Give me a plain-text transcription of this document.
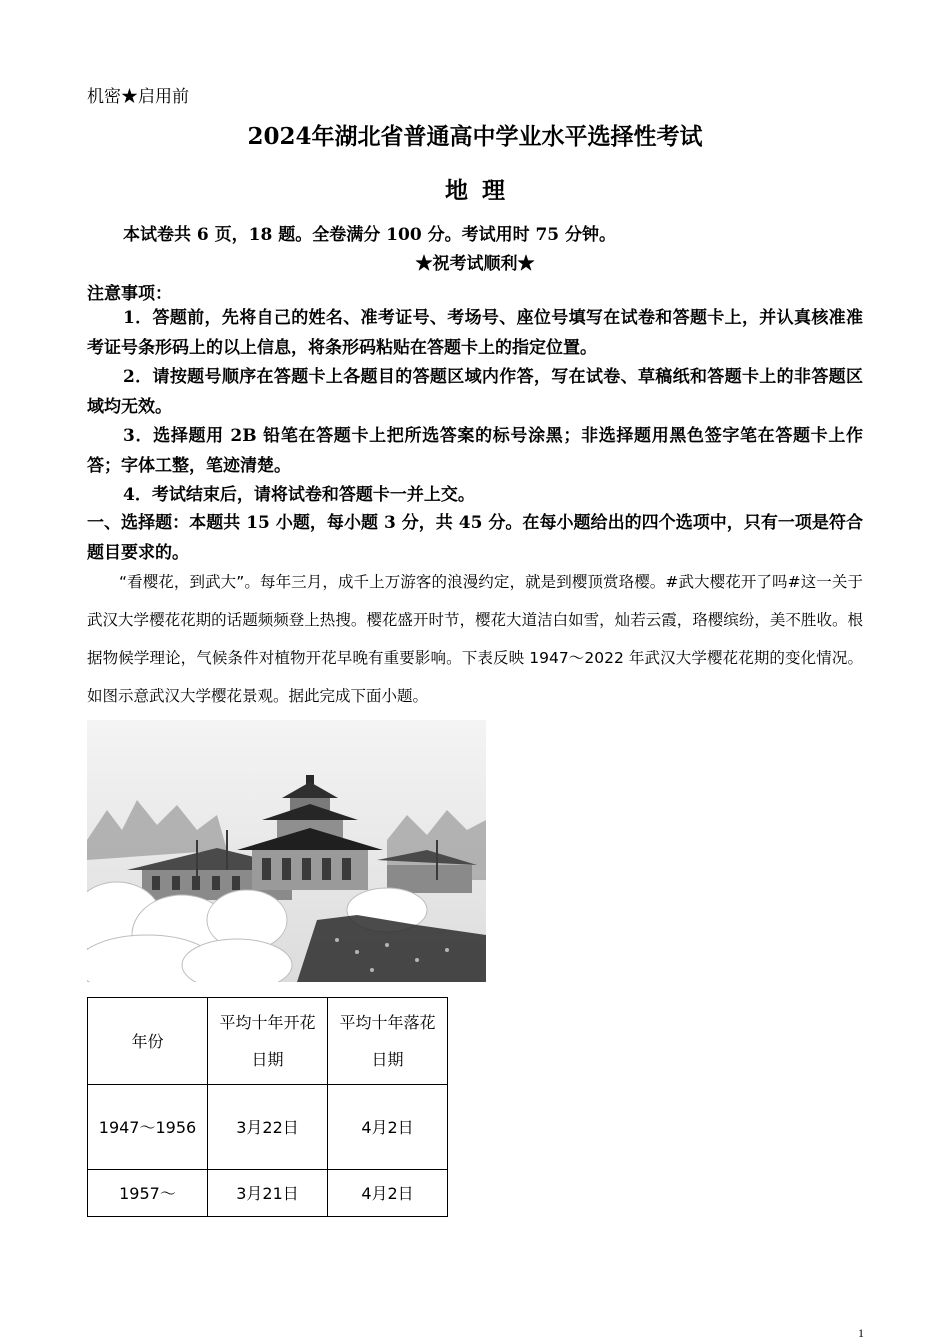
机密★启用前
2024年湖北省普通高中学业水平选择性考试
地理
本试卷共 6 页，18 题。全卷满分 100 分。考试用时 75 分钟。
★祝考试顺利★
注意事项：
1．答题前，先将自己的姓名、准考证号、考场号、座位号填写在试卷和答题卡上，并认真核准准考证号条形码上的以上信息，将条形码粘贴在答题卡上的指定位置。
2．请按题号顺序在答题卡上各题目的答题区域内作答，写在试卷、草稿纸和答题卡上的非答题区域均无效。
3．选择题用 2B 铅笔在答题卡上把所选答案的标号涂黑；非选择题用黑色签字笔在答题卡上作答；字体工整，笔迹清楚。
4．考试结束后，请将试卷和答题卡一并上交。
一、选择题：本题共 15 小题，每小题 3 分，共 45 分。在每小题给出的四个选项中，只有一项是符合题目要求的。
“看樱花，到武大”。每年三月，成千上万游客的浪漫约定，就是到樱顶赏珞樱。#武大樱花开了吗#这一关于武汉大学樱花花期的话题频频登上热搜。樱花盛开时节，樱花大道洁白如雪，灿若云霞，珞樱缤纷，美不胜收。根据物候学理论，气候条件对植物开花早晚有重要影响。下表反映 1947～2022 年武汉大学樱花花期的变化情况。如图示意武汉大学樱花景观。据此完成下面小题。
年份	平均十年开花日期	平均十年落花日期
1947～1956	3月22日	4月2日
1957～	3月21日	4月2日
1
